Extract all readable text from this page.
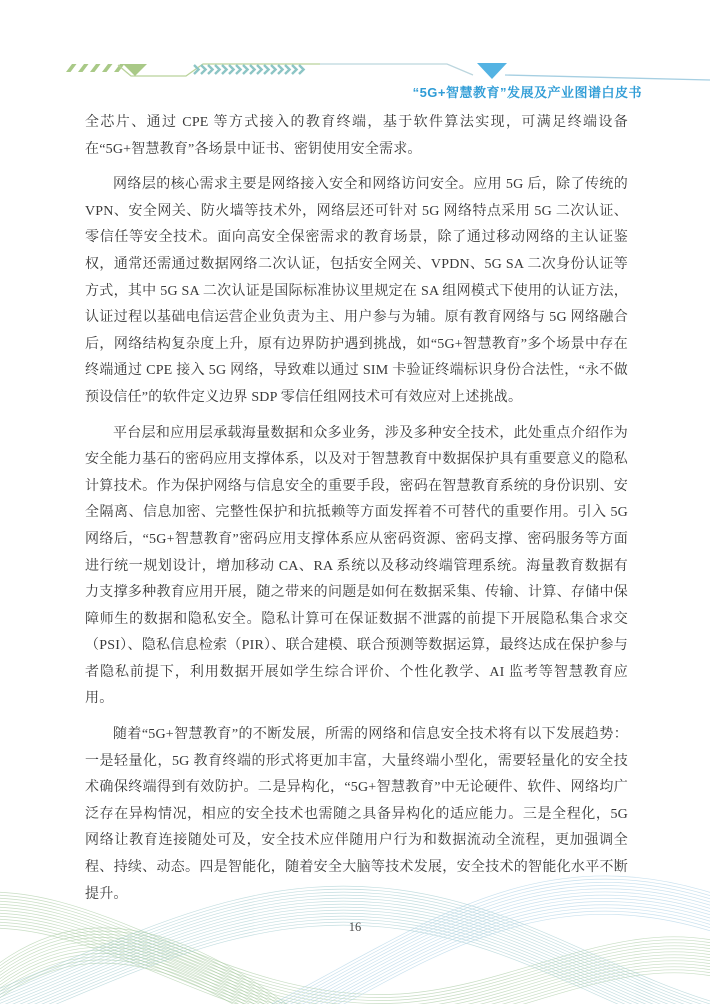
“5G+智慧教育”发展及产业图谱白皮书

全芯片、通过 CPE 等方式接入的教育终端，基于软件算法实现，可满足终端设备在“5G+智慧教育”各场景中证书、密钥使用安全需求。

网络层的核心需求主要是网络接入安全和网络访问安全。应用 5G 后，除了传统的 VPN、安全网关、防火墙等技术外，网络层还可针对 5G 网络特点采用 5G 二次认证、零信任等安全技术。面向高安全保密需求的教育场景，除了通过移动网络的主认证鉴权，通常还需通过数据网络二次认证，包括安全网关、VPDN、5G SA 二次身份认证等方式，其中 5G SA 二次认证是国际标准协议里规定在 SA 组网模式下使用的认证方法，认证过程以基础电信运营企业负责为主、用户参与为辅。原有教育网络与 5G 网络融合后，网络结构复杂度上升，原有边界防护遇到挑战，如“5G+智慧教育”多个场景中存在终端通过 CPE 接入 5G 网络，导致难以通过 SIM 卡验证终端标识身份合法性，“永不做预设信任”的软件定义边界 SDP 零信任组网技术可有效应对上述挑战。

平台层和应用层承载海量数据和众多业务，涉及多种安全技术，此处重点介绍作为安全能力基石的密码应用支撑体系，以及对于智慧教育中数据保护具有重要意义的隐私计算技术。作为保护网络与信息安全的重要手段，密码在智慧教育系统的身份识别、安全隔离、信息加密、完整性保护和抗抵赖等方面发挥着不可替代的重要作用。引入 5G 网络后，“5G+智慧教育”密码应用支撑体系应从密码资源、密码支撑、密码服务等方面进行统一规划设计，增加移动 CA、RA 系统以及移动终端管理系统。海量教育数据有力支撑多种教育应用开展，随之带来的问题是如何在数据采集、传输、计算、存储中保障师生的数据和隐私安全。隐私计算可在保证数据不泄露的前提下开展隐私集合求交（PSI）、隐私信息检索（PIR）、联合建模、联合预测等数据运算，最终达成在保护参与者隐私前提下，利用数据开展如学生综合评价、个性化教学、AI 监考等智慧教育应用。

随着“5G+智慧教育”的不断发展，所需的网络和信息安全技术将有以下发展趋势：一是轻量化，5G 教育终端的形式将更加丰富，大量终端小型化，需要轻量化的安全技术确保终端得到有效防护。二是异构化，“5G+智慧教育”中无论硬件、软件、网络均广泛存在异构情况，相应的安全技术也需随之具备异构化的适应能力。三是全程化，5G 网络让教育连接随处可及，安全技术应伴随用户行为和数据流动全流程，更加强调全程、持续、动态。四是智能化，随着安全大脑等技术发展，安全技术的智能化水平不断提升。

16
